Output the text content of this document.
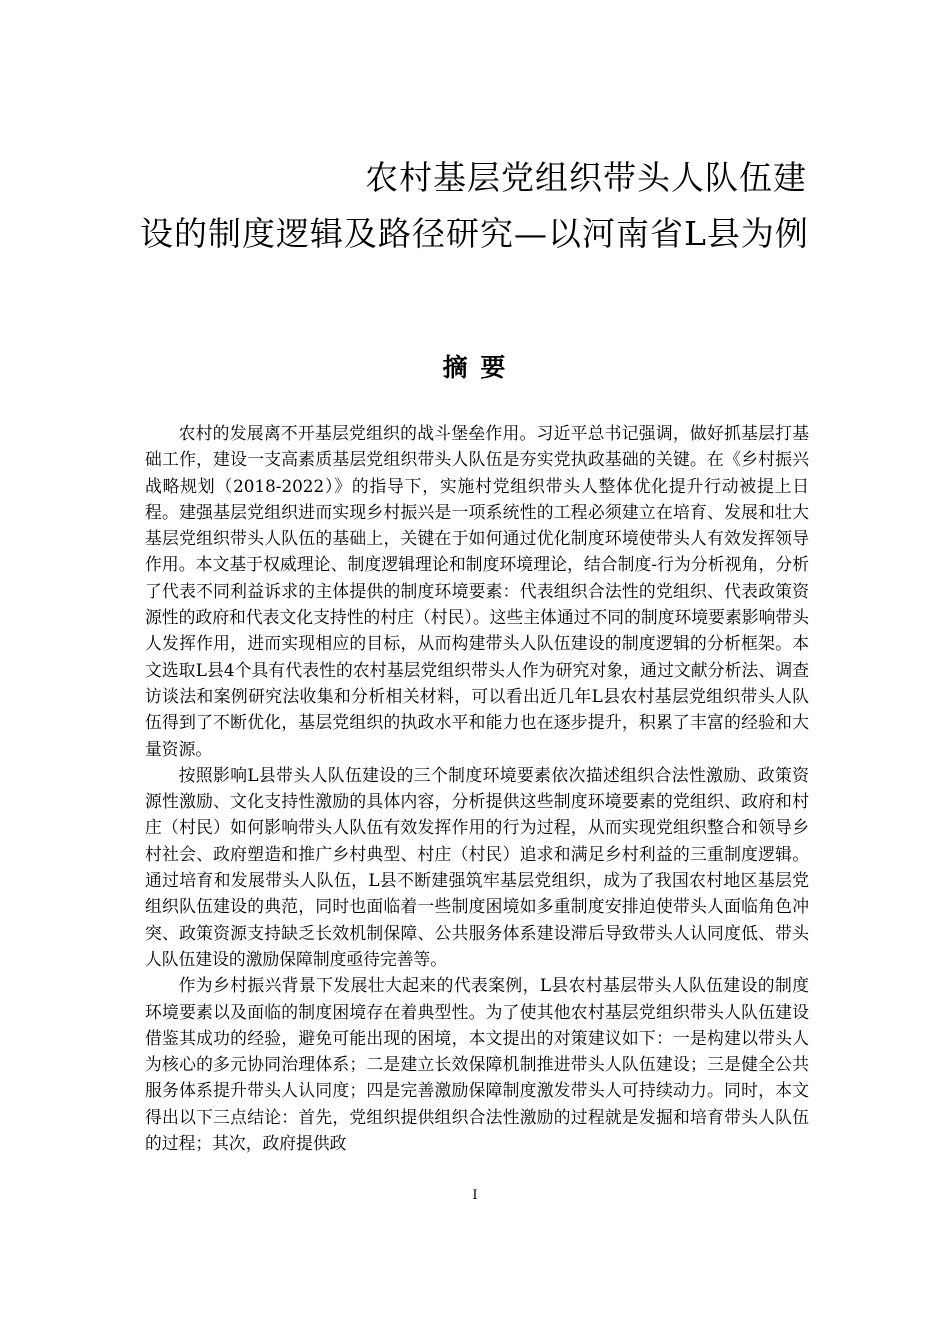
农村基层党组织带头人队伍建
设的制度逻辑及路径研究—以河南省L县为例
摘 要

农村的发展离不开基层党组织的战斗堡垒作用。习近平总书记强调，做好抓基层打基础工作，建设一支高素质基层党组织带头人队伍是夯实党执政基础的关键。在《乡村振兴战略规划（2018-2022）》的指导下，实施村党组织带头人整体优化提升行动被提上日程。建强基层党组织进而实现乡村振兴是一项系统性的工程必须建立在培育、发展和壮大基层党组织带头人队伍的基础上，关键在于如何通过优化制度环境使带头人有效发挥领导作用。本文基于权威理论、制度逻辑理论和制度环境理论，结合制度-行为分析视角，分析了代表不同利益诉求的主体提供的制度环境要素：代表组织合法性的党组织、代表政策资源性的政府和代表文化支持性的村庄（村民）。这些主体通过不同的制度环境要素影响带头人发挥作用，进而实现相应的目标，从而构建带头人队伍建设的制度逻辑的分析框架。本文选取L县4个具有代表性的农村基层党组织带头人作为研究对象，通过文献分析法、调查访谈法和案例研究法收集和分析相关材料，可以看出近几年L县农村基层党组织带头人队伍得到了不断优化，基层党组织的执政水平和能力也在逐步提升，积累了丰富的经验和大量资源。

按照影响L县带头人队伍建设的三个制度环境要素依次描述组织合法性激励、政策资源性激励、文化支持性激励的具体内容，分析提供这些制度环境要素的党组织、政府和村庄（村民）如何影响带头人队伍有效发挥作用的行为过程，从而实现党组织整合和领导乡村社会、政府塑造和推广乡村典型、村庄（村民）追求和满足乡村利益的三重制度逻辑。通过培育和发展带头人队伍，L县不断建强筑牢基层党组织，成为了我国农村地区基层党组织队伍建设的典范，同时也面临着一些制度困境如多重制度安排迫使带头人面临角色冲突、政策资源支持缺乏长效机制保障、公共服务体系建设滞后导致带头人认同度低、带头人队伍建设的激励保障制度亟待完善等。

作为乡村振兴背景下发展壮大起来的代表案例，L县农村基层带头人队伍建设的制度环境要素以及面临的制度困境存在着典型性。为了使其他农村基层党组织带头人队伍建设借鉴其成功的经验，避免可能出现的困境，本文提出的对策建议如下：一是构建以带头人为核心的多元协同治理体系；二是建立长效保障机制推进带头人队伍建设；三是健全公共服务体系提升带头人认同度；四是完善激励保障制度激发带头人可持续动力。同时，本文得出以下三点结论：首先，党组织提供组织合法性激励的过程就是发掘和培育带头人队伍的过程；其次，政府提供政

I
